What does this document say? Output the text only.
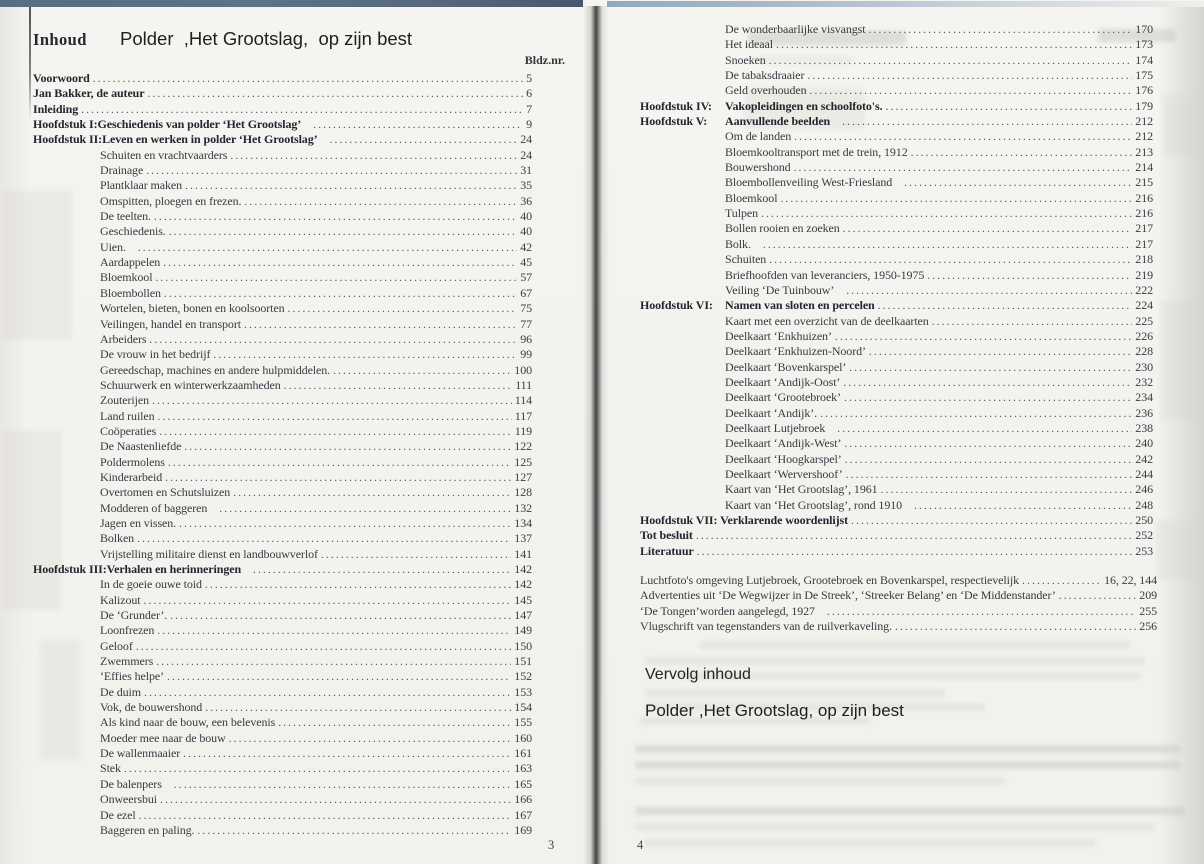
Inhoud Polder  ,Het Grootslag,  op zijn best
Bldz.nr.
Voorwoord .....	5
Jan Bakker, de auteur .....	6
Inleiding .....	7
Hoofdstuk I:Geschiedenis van polder ‘Het Grootslag’ .....	9
Hoofdstuk II: Leven en werken in polder ‘Het Grootslag’ .....	24
Schuiten en vrachtvaarders .....	24
Drainage .....	31
Plantklaar maken .....	35
Omspitten, ploegen en frezen. .....	36
De teelten. .....	40
Geschiedenis. .....	40
Uien. .....	42
Aardappelen .....	45
Bloemkool .....	57
Bloembollen .....	67
Wortelen, bieten, bonen en koolsoorten .....	75
Veilingen, handel en transport .....	77
Arbeiders .....	96
De vrouw in het bedrijf .....	99
Gereedschap, machines en andere hulpmiddelen. .....	100
Schuurwerk en winterwerkzaamheden .....	111
Zouterijen .....	114
Land ruilen .....	117
Coöperaties .....	119
De Naastenliefde .....	122
Poldermolens .....	125
Kinderarbeid .....	127
Overtomen en Schutsluizen .....	128
Modderen of baggeren .....	132
Jagen en vissen. .....	134
Bolken .....	137
Vrijstelling militaire dienst en landbouwverlof .....	141
Hoofdstuk III: Verhalen en herinneringen .....	142
In de goeie ouwe toid .....	142
Kalizout .....	145
De ‘Grunder’. .....	147
Loonfrezen .....	149
Geloof .....	150
Zwemmers .....	151
‘Effies helpe’ .....	152
De duim .....	153
Vok, de bouwershond .....	154
Als kind naar de bouw, een belevenis .....	155
Moeder mee naar de bouw .....	160
De wallenmaaier .....	161
Stek .....	163
De balenpers .....	165
Onweersbui .....	166
De ezel .....	167
Baggeren en paling. .....	169
3
De wonderbaarlijke visvangst .....	170
Het ideaal .....	173
Snoeken .....	174
De tabaksdraaier .....	175
Geld overhouden .....	176
Hoofdstuk IV:	Vakopleidingen en schoolfoto's. .....	179
Hoofdstuk V:	Aanvullende beelden .....	212
Om de landen .....	212
Bloemkooltransport met de trein, 1912 .....	213
Bouwershond .....	214
Bloembollenveiling West-Friesland .....	215
Bloemkool .....	216
Tulpen .....	216
Bollen rooien en zoeken .....	217
Bolk. .....	217
Schuiten .....	218
Briefhoofden van leveranciers, 1950-1975 .....	219
Veiling ‘De Tuinbouw’ .....	222
Hoofdstuk VI:	Namen van sloten en percelen .....	224
Kaart met een overzicht van de deelkaarten .....	225
Deelkaart ‘Enkhuizen’ .....	226
Deelkaart ‘Enkhuizen-Noord’ .....	228
Deelkaart ‘Bovenkarspel’ .....	230
Deelkaart ‘Andijk-Oost’ .....	232
Deelkaart ‘Grootebroek’ .....	234
Deelkaart ‘Andijk’. .....	236
Deelkaart Lutjebroek .....	238
Deelkaart ‘Andijk-West’ .....	240
Deelkaart ‘Hoogkarspel’ .....	242
Deelkaart ‘Wervershoof’ .....	244
Kaart van ‘Het Grootslag’, 1961 .....	246
Kaart van ‘Het Grootslag’, rond 1910 .....	248
Hoofdstuk VII: Verklarende woordenlijst .....	250
Tot besluit .....	252
Literatuur .....	253
Luchtfoto's omgeving Lutjebroek, Grootebroek en Bovenkarspel, respectievelijk .....	16, 22, 144
Advertenties uit ‘De Wegwijzer in De Streek’, ‘Streeker Belang’ en ‘De Middenstander’ .....	209
‘De Tongen’worden aangelegd, 1927 .....	255
Vlugschrift van tegenstanders van de ruilverkaveling. .....	256
Vervolg inhoud
Polder ,Het Grootslag, op zijn best
4
